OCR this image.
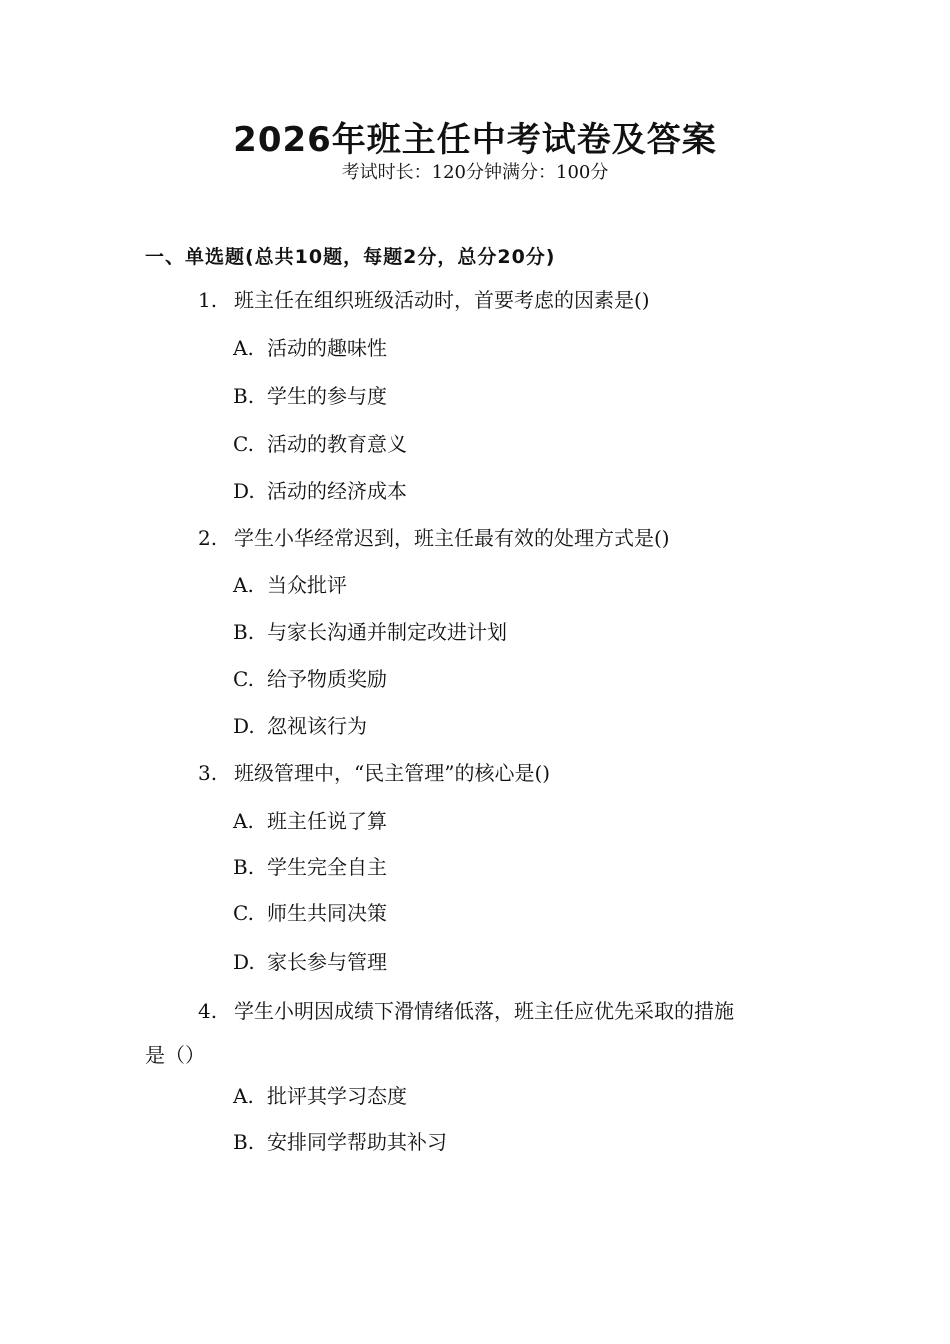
2026年班主任中考试卷及答案
考试时长：120分钟满分：100分
一、单选题(总共10题，每题2分，总分20分)
1. 班主任在组织班级活动时，首要考虑的因素是()
A. 活动的趣味性
B. 学生的参与度
C. 活动的教育意义
D. 活动的经济成本
2. 学生小华经常迟到，班主任最有效的处理方式是()
A. 当众批评
B. 与家长沟通并制定改进计划
C. 给予物质奖励
D. 忽视该行为
3. 班级管理中，“民主管理”的核心是()
A. 班主任说了算
B. 学生完全自主
C. 师生共同决策
D. 家长参与管理
4. 学生小明因成绩下滑情绪低落，班主任应优先采取的措施
是（）
A. 批评其学习态度
B. 安排同学帮助其补习
